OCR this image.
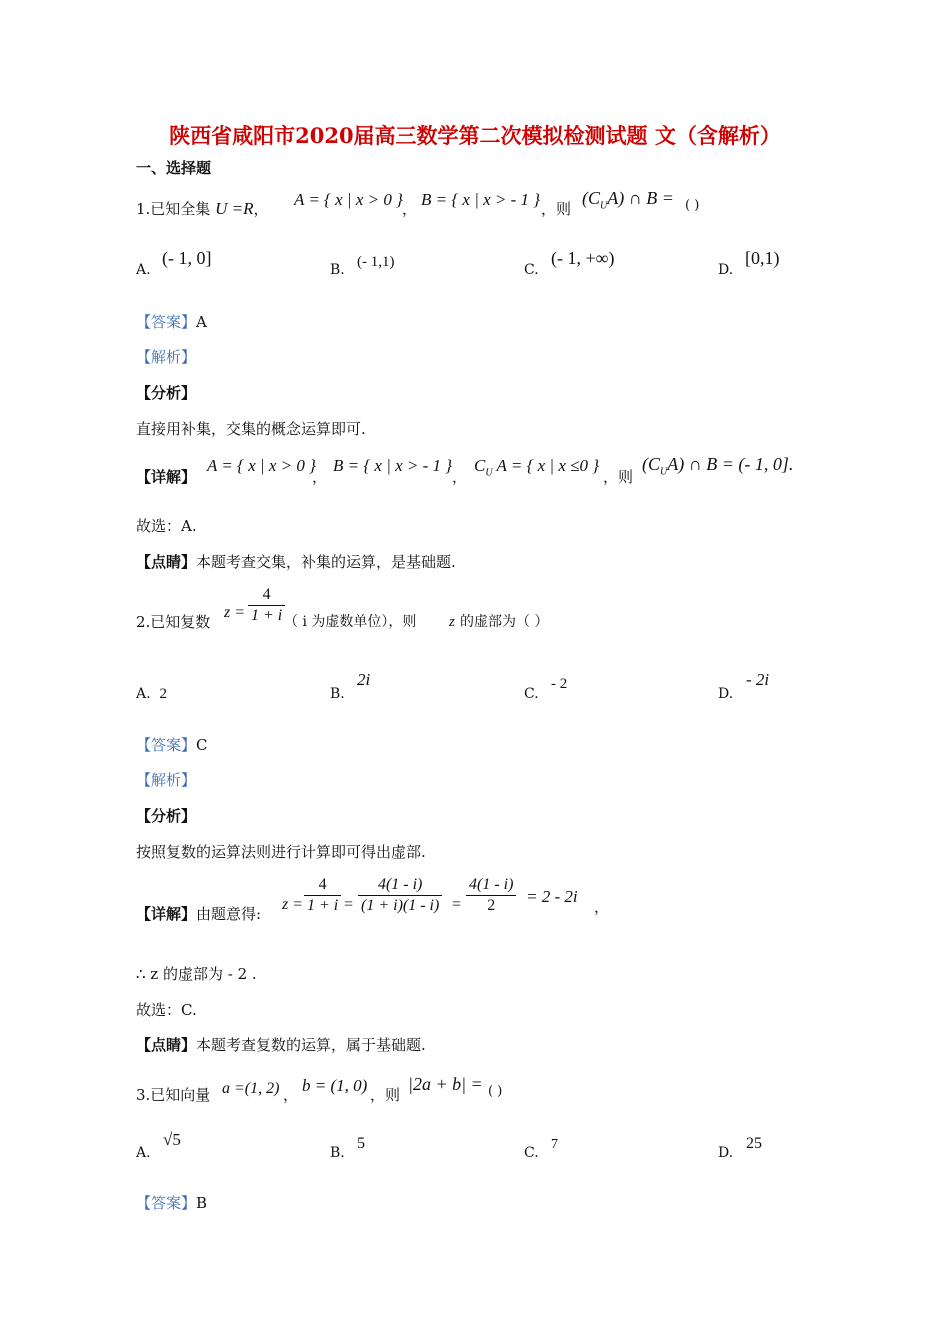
陕西省咸阳市2020届高三数学第二次模拟检测试题 文（含解析）
一、选择题
1.已知全集 U =R， A = { x | x > 0 } ， B = { x | x > - 1 } ，则
$(C_UA)$ ∩ B = ( )
A.
(- 1, 0]
B. (- 1,1)	C.
(- 1, +∞)
D.
[0,1)
【答案】A
【解析】
【分析】
直接用补集，交集的概念运算即可.
【详解】
A = { x | x > 0 }
，
B = { x | x > - 1 }
，
$C_U$ A = { x | x ≤0 }
，则
$(C_UA)$ ∩ B = (- 1, 0].
故选：A.
【点睛】本题考查交集，补集的运算，是基础题.
2.已知复数
$z = \frac{4}{1 + i}$
（ i 为虚数单位），则 z 的虚部为（ ）
A. 2	B.
2i
C.
- 2
D.
- 2i
【答案】C
【解析】
【分析】
按照复数的运算法则进行计算即可得出虚部.
【详解】由题意得:
$z = \frac{4}{1 + i} = \frac{4(1 - i)}{(1 + i)(1 - i)} = \frac{4(1 - i)}{2} = 2 - 2i$
，
∴ z 的虚部为 - 2 .
故选：C.
【点睛】本题考查复数的运算，属于基础题.
3.已知向量 a =(1, 2) ， b = (1, 0) ，则
|2a + b| = ( )
A.
√5
B.
5
C.
7
D.
25
【答案】B
